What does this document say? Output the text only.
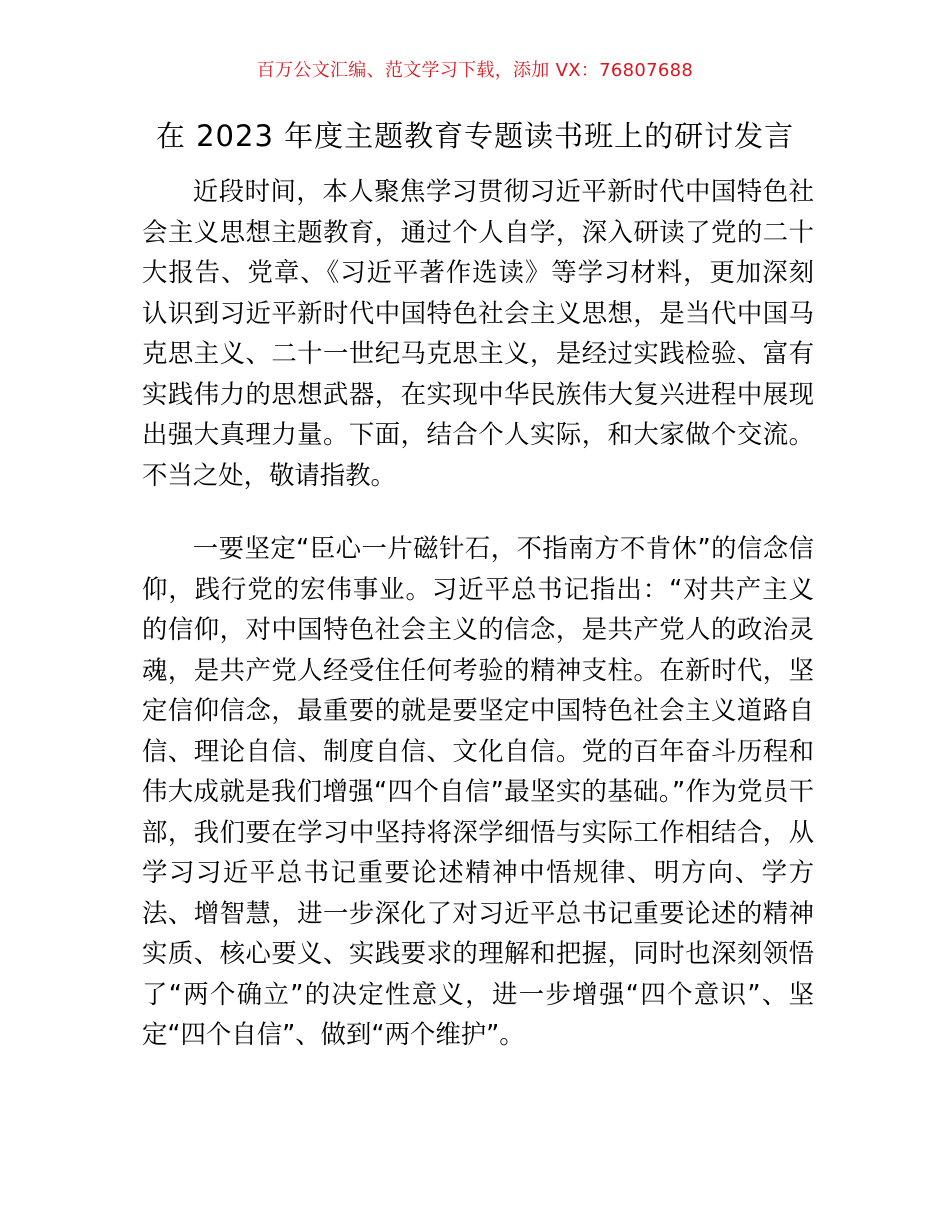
百万公文汇编、范文学习下载，添加 VX：76807688
在 2023 年度主题教育专题读书班上的研讨发言

近段时间，本人聚焦学习贯彻习近平新时代中国特色社会主义思想主题教育，通过个人自学，深入研读了党的二十大报告、党章、《习近平著作选读》等学习材料，更加深刻认识到习近平新时代中国特色社会主义思想，是当代中国马克思主义、二十一世纪马克思主义，是经过实践检验、富有实践伟力的思想武器，在实现中华民族伟大复兴进程中展现出强大真理力量。下面，结合个人实际，和大家做个交流。不当之处，敬请指教。

一要坚定“臣心一片磁针石，不指南方不肯休”的信念信仰，践行党的宏伟事业。习近平总书记指出：“对共产主义的信仰，对中国特色社会主义的信念，是共产党人的政治灵魂，是共产党人经受住任何考验的精神支柱。在新时代，坚定信仰信念，最重要的就是要坚定中国特色社会主义道路自信、理论自信、制度自信、文化自信。党的百年奋斗历程和伟大成就是我们增强“四个自信”最坚实的基础。”作为党员干部，我们要在学习中坚持将深学细悟与实际工作相结合，从学习习近平总书记重要论述精神中悟规律、明方向、学方法、增智慧，进一步深化了对习近平总书记重要论述的精神实质、核心要义、实践要求的理解和把握，同时也深刻领悟了“两个确立”的决定性意义，进一步增强“四个意识”、坚定“四个自信”、做到“两个维护”。
